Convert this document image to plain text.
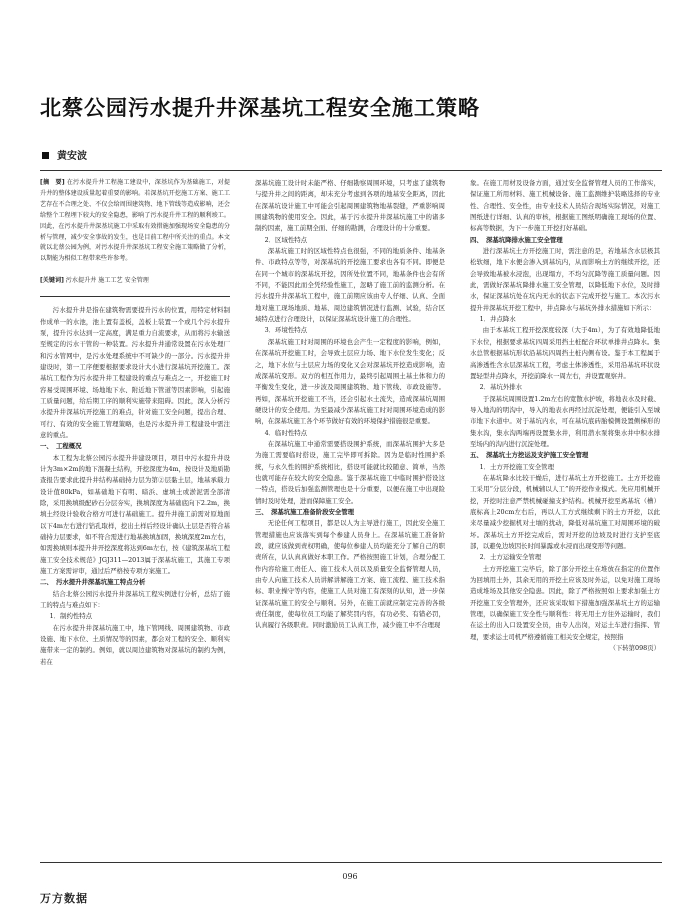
北蔡公园污水提升井深基坑工程安全施工策略
黄安波

[摘　要] 在污水提升井工程施工建设中，深基坑作为基础施工，对提升井的整体建设质量起着重要的影响。若深基坑开挖施工方案、施工工艺存在不合理之处、不仅会给周围建筑物、地下管线等造成影响，还会给整个工程埋下较大的安全隐患，影响了污水提升井工程的顺利竣工。因此，在污水提升井深基坑施工中采取有效措施加强现场安全隐患的分析与管理，减少安全事故的发生，也是目前工程中所关注的重点。本文就以北蔡公园为例，对污水提升井深基坑工程安全施工策略做了分析，以期能为相似工程带来些许参考。

[关键词] 污水提升井 施工工艺 安全管理

污水提升井是指在建筑物需要提升污水的位置，用特定材料制作成单一的水池，池上置有盖板，盖板上装置一个或几个污水提升泵，提升污水达到一定高度，满足重力自流要求，从而将污水输送至规定的污水干管的一种装置。污水提升井通常设置在污水处理厂和污水管网中，是污水处理系统中不可缺少的一部分。污水提升井建设时，第一工序便要根据要求设计大小进行深基坑开挖施工。深基坑工程作为污水提升井工程建设的重点与难点之一，开挖施工时容易受周围环境、场地地下水、附近地下管道等因素影响，引起施工质量问题，给后期工序的顺利实施带来阻碍。因此，深入分析污水提升井深基坑开挖施工的难点，针对施工安全问题，提出合理、可行、有效的安全施工管理策略，也是污水提升井工程建设中需注意的重点。

一、　工程概况

本工程为北蔡公园污水提升井建设项目，项目中污水提升井设计为3m×2m的地下混凝土结构，开挖深度为4m，按设计及地质勘查报告要求此提升井结构基础持力层为第②层黏土层，地基承载力设计值80kPa，如基础地下有明、暗浜、虚填土或淤泥需全部清除，采用换填级配砂石分层夯实，换填深度为基础底向下2.2m，换填土经设计验收合格方可进行基础施工。提升井施工前需对原地面以下4m左右进行钻孔取样，挖出土样后经设计确认土层是否符合基础持力层要求，如不符合需进行地基换填加固，换填深度2m左右，如需换填则本提升井开挖深度将达到6m左右，按《建筑深基坑工程施工安全技术规范》JGJ311—2013属于深基坑施工，其施工专项施工方案需评审，通过后严格按专项方案施工。

二、　污水提升井深基坑施工特点分析

结合北蔡公园污水提升井深基坑工程实例进行分析，总结了施工的特点与难点如下：

1．制约性特点

在污水提升井深基坑施工中，地下管网线、周围建筑物、市政设施、地下水位、土质情况等的因素，都会对工程的安全、顺利实施带来一定的制约。例如，就以周边建筑物对深基坑的制约为例，若在

深基坑施工设计时未能严格、仔细勘察周围环境，只考虑了建筑物与提升井之间的距离，却未充分考虑到各项的地基安全距离，因此在深基坑设计施工中可能会引起周围建筑物地基裂缝，严重影响周围建筑物的使用安全。因此，基于污水提升井深基坑施工中的诸多制约因素，施工前期全面、仔细的勘测，合理设计的十分重要。

2．区域性特点

深基坑施工时的区域性特点也很强，不同的地质条件、地基条件、市政特点等等，对深基坑的开挖施工要求也各有不同。即便是在同一个城市的深基坑开挖，因所处位置不同，地基条件也会有所不同，不能因此而全凭经验性施工，忽略了施工前的监测分析。在污水提升井深基坑工程中，施工前期应该由专人仔细、认真、全面地对施工现场地质、地基、周边建筑情况进行监测、试验，结合区域特点进行合理设计，以保证深基坑设计施工的合理性。

3．环境性特点

深基坑施工时对周围的环境也会产生一定程度的影响，例如，在深基坑开挖施工时，会导致土层应力场、地下水位发生变化；反之，地下水位与土层应力场的变化又会对深基坑开挖造成影响，造成深基坑变形。双方的相互作用力，最终引起周围土基土体和力的平衡发生变化，进一步波及周围建筑物、地下管线、市政设施等。再如，深基坑开挖施工不当，还会引起水土流失，造成深基坑周围硬设计的安全使用。为至最减少深基坑施工时对周围环境造成的影响，在深基坑施工各个环节做好有效的环境保护措施很是重要。

4．临时性特点

在深基坑施工中通常需要搭设围护系统，而深基坑围护大多是为施工需要临时搭设，施工完毕即可拆除。因为是临时性围护系统，与永久性的围护系统相比，搭设可能就比较随意、简单，当然也就可能存在较大的安全隐患。鉴于深基坑施工中临时围护搭设这一特点，搭设后加强监测管理也是十分重要，以便在施工中出现险情时及时处理，进而保障施工安全。

三、　深基坑施工准备阶段安全管理

无论任何工程项目，都是以人为主导进行施工，因此安全施工管理措施也应该落实到每个参建人员身上。在深基坑施工准备阶段，就应该做到责权明确，使每位参建人员均能充分了解自己的职责所在，认认真真做好本职工作。严格按照施工计划，合理分配工作内容给施工责任人、施工技术人员以及质量安全监督管理人员，由专人向施工技术人员讲解讲解施工方案、施工流程、施工技术指标、职业操守等内容，使施工人员对施工有深刻的认知，进一步保证深基坑施工的安全与顺利。另外，在施工前就应制定完善的各级责任制度，使每位员工均能了解奖罚内容，有功必奖、有错必罚，认真履行各级职责。同时激励员工认真工作，减少施工中不合理现

象。在施工用材及设备方面，通过安全监督管理人员的工作落实，保证施工所用材料、施工机械设备、施工监测维护装略选择的专业性、合理性、安全性，由专业技术人员结合现场实际情况，对施工图纸进行详细、认真的审核，根据施工图纸明确施工现场的位置、标高等数据，为下一步施工开挖打好基础。

四、　深基坑降排水施工安全管理

进行深基坑土方开挖施工时，需注意的是，若地基含水层极其松软细，地下水便会渗入到基坑内，从而影响土方的继续开挖，还会导致地基被水浸泡，出现塌方，不均匀沉降等施工质量问题。因此，需做好深基坑降排水施工安全管理，以降低地下水位，及时排水，保证深基坑处在坑内无水的状态下完成开挖与施工。本次污水提升井深基坑开挖工程中，井点降水与基坑外排水措施如下所示：

1．井点降水

由于本基坑工程开挖深度较深（大于4m），为了有效地降低地下水位，根据要求基坑四周采用挡土桩配合环状单排井点降水。集水总管根据基坑形状沿基坑四周挡土桩内侧布设。鉴于本工程属于高渗透性含水层深基坑工程，考虑土体渗透性，采用沿基坑环状设置轻型井点降水，开挖前降水一周左右，并设置观察井。

2．基坑外排水

于深基坑周围设置1.2m左右的宽散水护坡，将地表水及时截、导入地沟的明沟中，导入的地表水再经过沉淀处理，便能引入至城市地下水道中。对于基坑内水，可在基坑底砖胎模侧设置侧梯形的集水沟，集水沟两端再设置集水井，利用潜水泵将集水井中积水排至场内的沟内进行沉淀处理。

五、　深基坑土方挖运及支护施工安全管理

1．土方开挖施工安全管理

在基坑降水比较干燥后，进行基坑土方开挖施工。土方开挖施工采用“分层分段，机械辅以人工”的开挖作业模式。先应用机械开挖，开挖时注意严禁机械碰撞支护结构。机械开挖至离基坑（槽）底标高上20cm左右后，再以人工方式继续剩下的土方开挖，以此来尽量减少挖掘机对土壤的扰动，降低对基坑施工对周围环境的破坏。深基坑土方开挖完成后，需对开挖的边坡及时进行支护至底部，以避免边坡因长时间暴露或水浸而出现变形等问题。

2．土方运输安全管理

土方开挖施工完毕后，除了部分开挖土在堆放在指定的位置作为回填用土外，其余无用的开挖土应该及时外运，以免对施工现场造成堆场及其他安全隐患。因此，除了严格按照如上要求加强土方开挖施工安全管理外，还应该采取如下措施加强深基坑土方的运输管理，以确保施工安全性与顺利性：将无用土方往外运输时，我们在运土的出入口设置安全员，由专人出岗，对运土车进行指挥、管理，要求运土司机严格遵循施工相关安全规定，按照指

（下转第098页）

096
万方数据
